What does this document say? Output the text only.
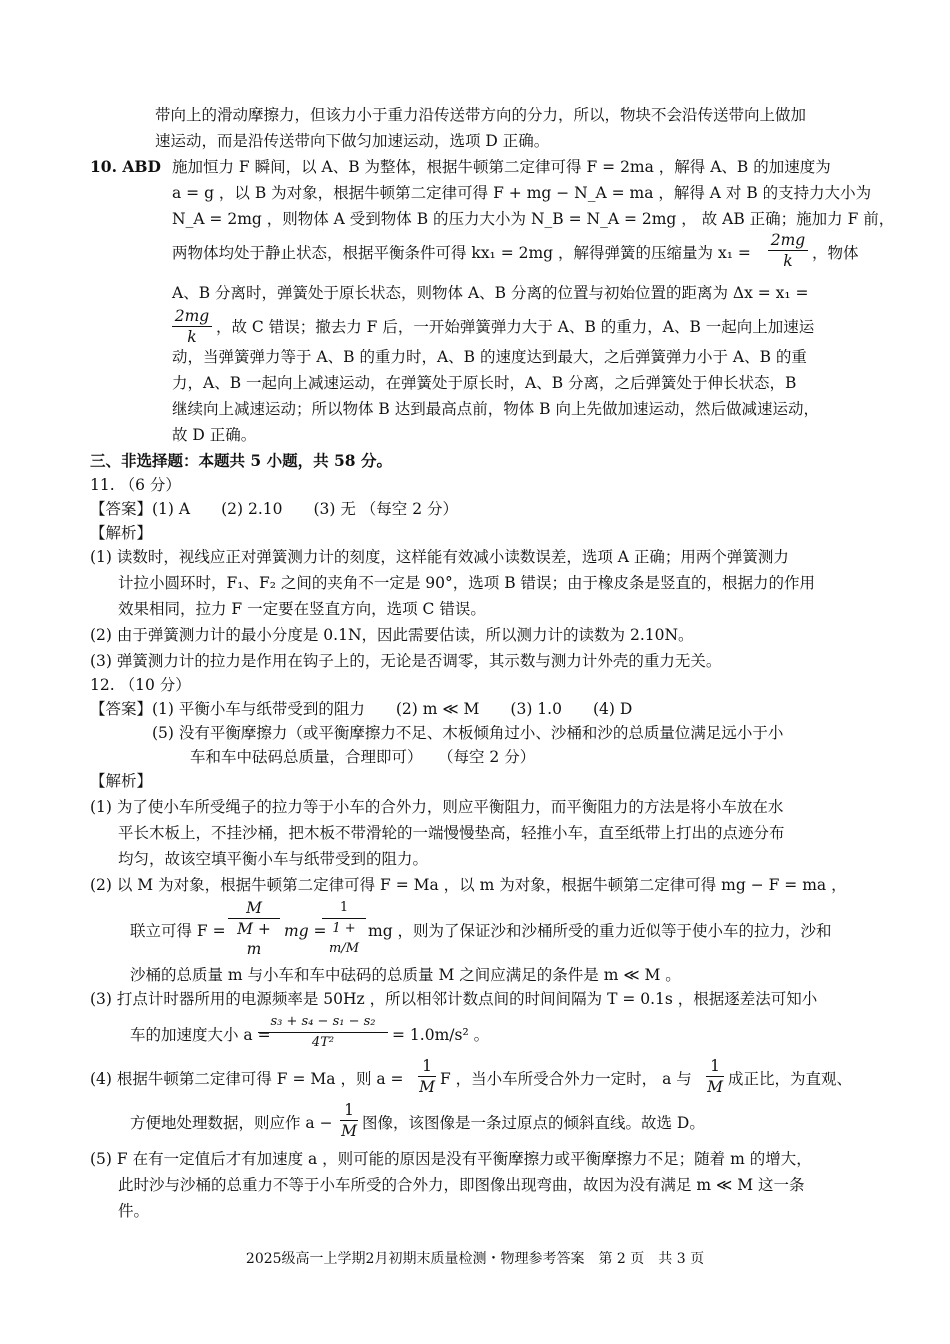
带向上的滑动摩擦力，但该力小于重力沿传送带方向的分力，所以，物块不会沿传送带向上做加
速运动，而是沿传送带向下做匀加速运动，选项 D 正确。
10. ABD 施加恒力 F 瞬间，以 A、B 为整体，根据牛顿第二定律可得 F = 2ma ，解得 A、B 的加速度为
a = g ，以 B 为对象，根据牛顿第二定律可得 F + mg − N_A = ma ，解得 A 对 B 的支持力大小为
N_A = 2mg ，则物体 A 受到物体 B 的压力大小为 N_B = N_A = 2mg ， 故 AB 正确；施加力 F 前，
两物体均处于静止状态，根据平衡条件可得 kx₁ = 2mg ，解得弹簧的压缩量为 $x_1 = \frac{2mg}{k}$ ，物体
A、B 分离时，弹簧处于原长状态，则物体 A、B 分离的位置与初始位置的距离为 Δx = x₁ =
$\frac{2mg}{k}$ ，故 C 错误；撤去力 F 后，一开始弹簧弹力大于 A、B 的重力，A、B 一起向上加速运
动，当弹簧弹力等于 A、B 的重力时，A、B 的速度达到最大，之后弹簧弹力小于 A、B 的重
力，A、B 一起向上减速运动，在弹簧处于原长时，A、B 分离，之后弹簧处于伸长状态，B
继续向上减速运动；所以物体 B 达到最高点前，物体 B 向上先做加速运动，然后做减速运动，
故 D 正确。
三、非选择题：本题共 5 小题，共 58 分。
11. （6 分）
【答案】(1) A　　(2) 2.10　　(3) 无 （每空 2 分）
【解析】
(1) 读数时，视线应正对弹簧测力计的刻度，这样能有效减小读数误差，选项 A 正确；用两个弹簧测力
计拉小圆环时，F₁、F₂ 之间的夹角不一定是 90°，选项 B 错误；由于橡皮条是竖直的，根据力的作用
效果相同，拉力 F 一定要在竖直方向，选项 C 错误。
(2) 由于弹簧测力计的最小分度是 0.1N，因此需要估读，所以测力计的读数为 2.10N。
(3) 弹簧测力计的拉力是作用在钩子上的，无论是否调零，其示数与测力计外壳的重力无关。
12. （10 分）
【答案】(1) 平衡小车与纸带受到的阻力　　(2) m ≪ M　　(3) 1.0　　(4) D
(5) 没有平衡摩擦力（或平衡摩擦力不足、木板倾角过小、沙桶和沙的总质量位满足远小于小
车和车中砝码总质量，合理即可）　　（每空 2 分）
【解析】
(1) 为了使小车所受绳子的拉力等于小车的合外力，则应平衡阻力，而平衡阻力的方法是将小车放在水
平长木板上，不挂沙桶，把木板不带滑轮的一端慢慢垫高，轻推小车，直至纸带上打出的点迹分布
均匀，故该空填平衡小车与纸带受到的阻力。
(2) 以 M 为对象，根据牛顿第二定律可得 F = Ma ，以 m 为对象，根据牛顿第二定律可得 mg − F = ma ，
联立可得 $F = \frac{M}{M + m}$ mg =
$\frac{1}{1 + m/M}$ mg ，则为了保证沙和沙桶所受的重力近似等于使小车的拉力，沙和
沙桶的总质量 m 与小车和车中砝码的总质量 M 之间应满足的条件是 m ≪ M 。
(3) 打点计时器所用的电源频率是 50Hz ，所以相邻计数点间的时间间隔为 T = 0.1s ，根据逐差法可知小
车的加速度大小 a =
$\frac{\text{s₃ + s₄ − s₁ − s₂}}{\text{4T²}} = 1.0m/s^2$ 。
(4) 根据牛顿第二定律可得 F = Ma ，则 $a = \frac{1}{M}$ F ，当小车所受合外力一定时， a 与 $\frac{1}{M}$ 成正比，为直观、
方便地处理数据，则应作 $a - \frac{1}{M}$ 图像，该图像是一条过原点的倾斜直线。故选 D。
(5) F 在有一定值后才有加速度 a ，则可能的原因是没有平衡摩擦力或平衡摩擦力不足；随着 m 的增大，
此时沙与沙桶的总重力不等于小车所受的合外力，即图像出现弯曲，故因为没有满足 m ≪ M 这一条
件。
2025级高一上学期2月初期末质量检测・物理参考答案　第 2 页　共 3 页
